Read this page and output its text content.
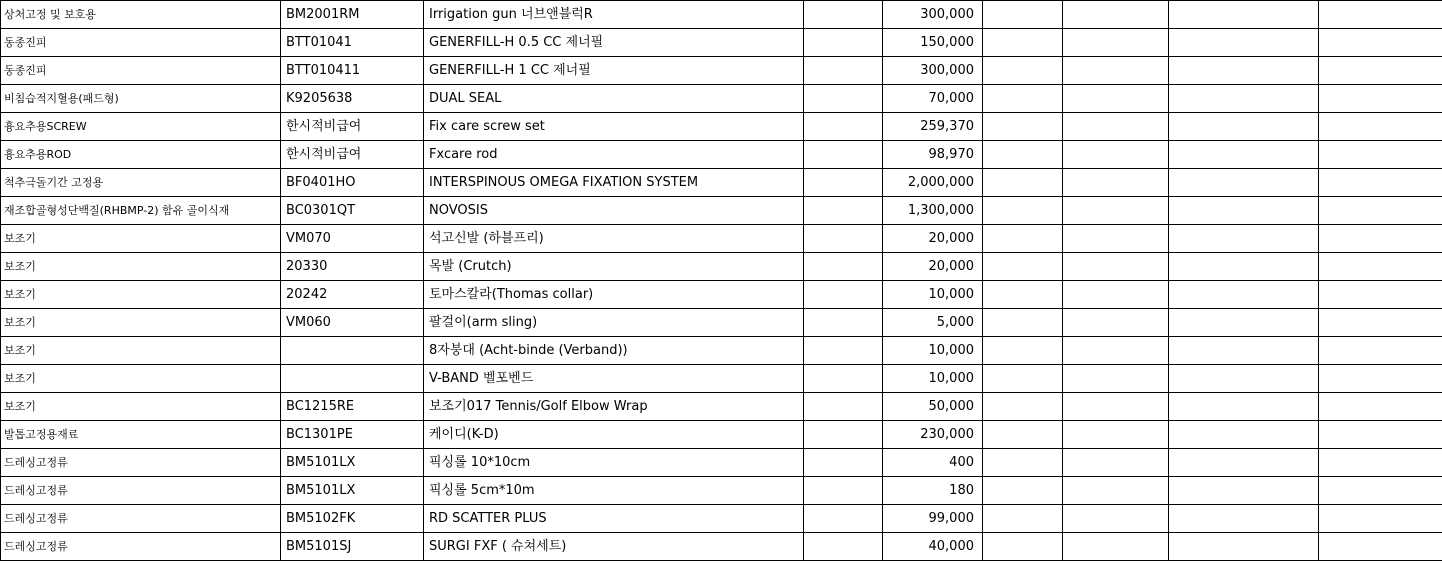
상처고정 및 보호용	BM2001RM	Irrigation gun 너브앤블럭R		300,000				
동종진피	BTT01041	GENERFILL-H 0.5 CC 제너필		150,000				
동종진피	BTT010411	GENERFILL-H 1 CC 제너필		300,000				
비침습적지혈용(패드형)	K9205638	DUAL SEAL		70,000				
흉요추용SCREW	한시적비급여	Fix care screw set		259,370				
흉요추용ROD	한시적비급여	Fxcare rod		98,970				
척추극돌기간 고정용	BF0401HO	INTERSPINOUS OMEGA FIXATION SYSTEM		2,000,000				
재조합골형성단백질(RHBMP-2) 함유 골이식재	BC0301QT	NOVOSIS		1,300,000				
보조기	VM070	석고신발 (하블프리)		20,000				
보조기	20330	목발 (Crutch)		20,000				
보조기	20242	토마스칼라(Thomas collar)		10,000				
보조기	VM060	팔걸이(arm sling)		5,000				
보조기		8자붕대 (Acht-binde (Verband))		10,000				
보조기		V-BAND 벨포벤드		10,000				
보조기	BC1215RE	보조기017 Tennis/Golf Elbow Wrap		50,000				
발톱고정용재료	BC1301PE	케이디(K-D)		230,000				
드레싱고정류	BM5101LX	픽싱롤 10*10cm		400				
드레싱고정류	BM5101LX	픽싱롤 5cm*10m		180				
드레싱고정류	BM5102FK	RD SCATTER PLUS		99,000				
드레싱고정류	BM5101SJ	SURGI FXF ( 슈쳐세트)		40,000				
